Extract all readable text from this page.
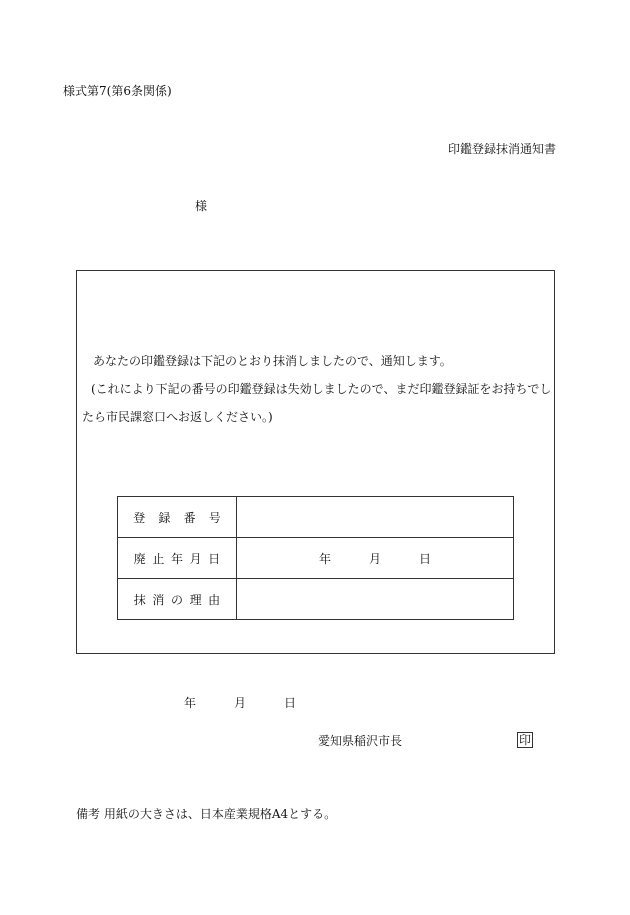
様式第7(第6条関係)
印鑑登録抹消通知書
様
あなたの印鑑登録は下記のとおり抹消しましたので、通知します。
(これにより下記の番号の印鑑登録は失効しましたので、まだ印鑑登録証をお持ちでし
たら市民課窓口へお返しください。)
登録番号	
廃止年月日	年 月 日

抹消の理由	
年	月	日
愛知県稲沢市長	印
備考 用紙の大きさは、日本産業規格A4とする。
